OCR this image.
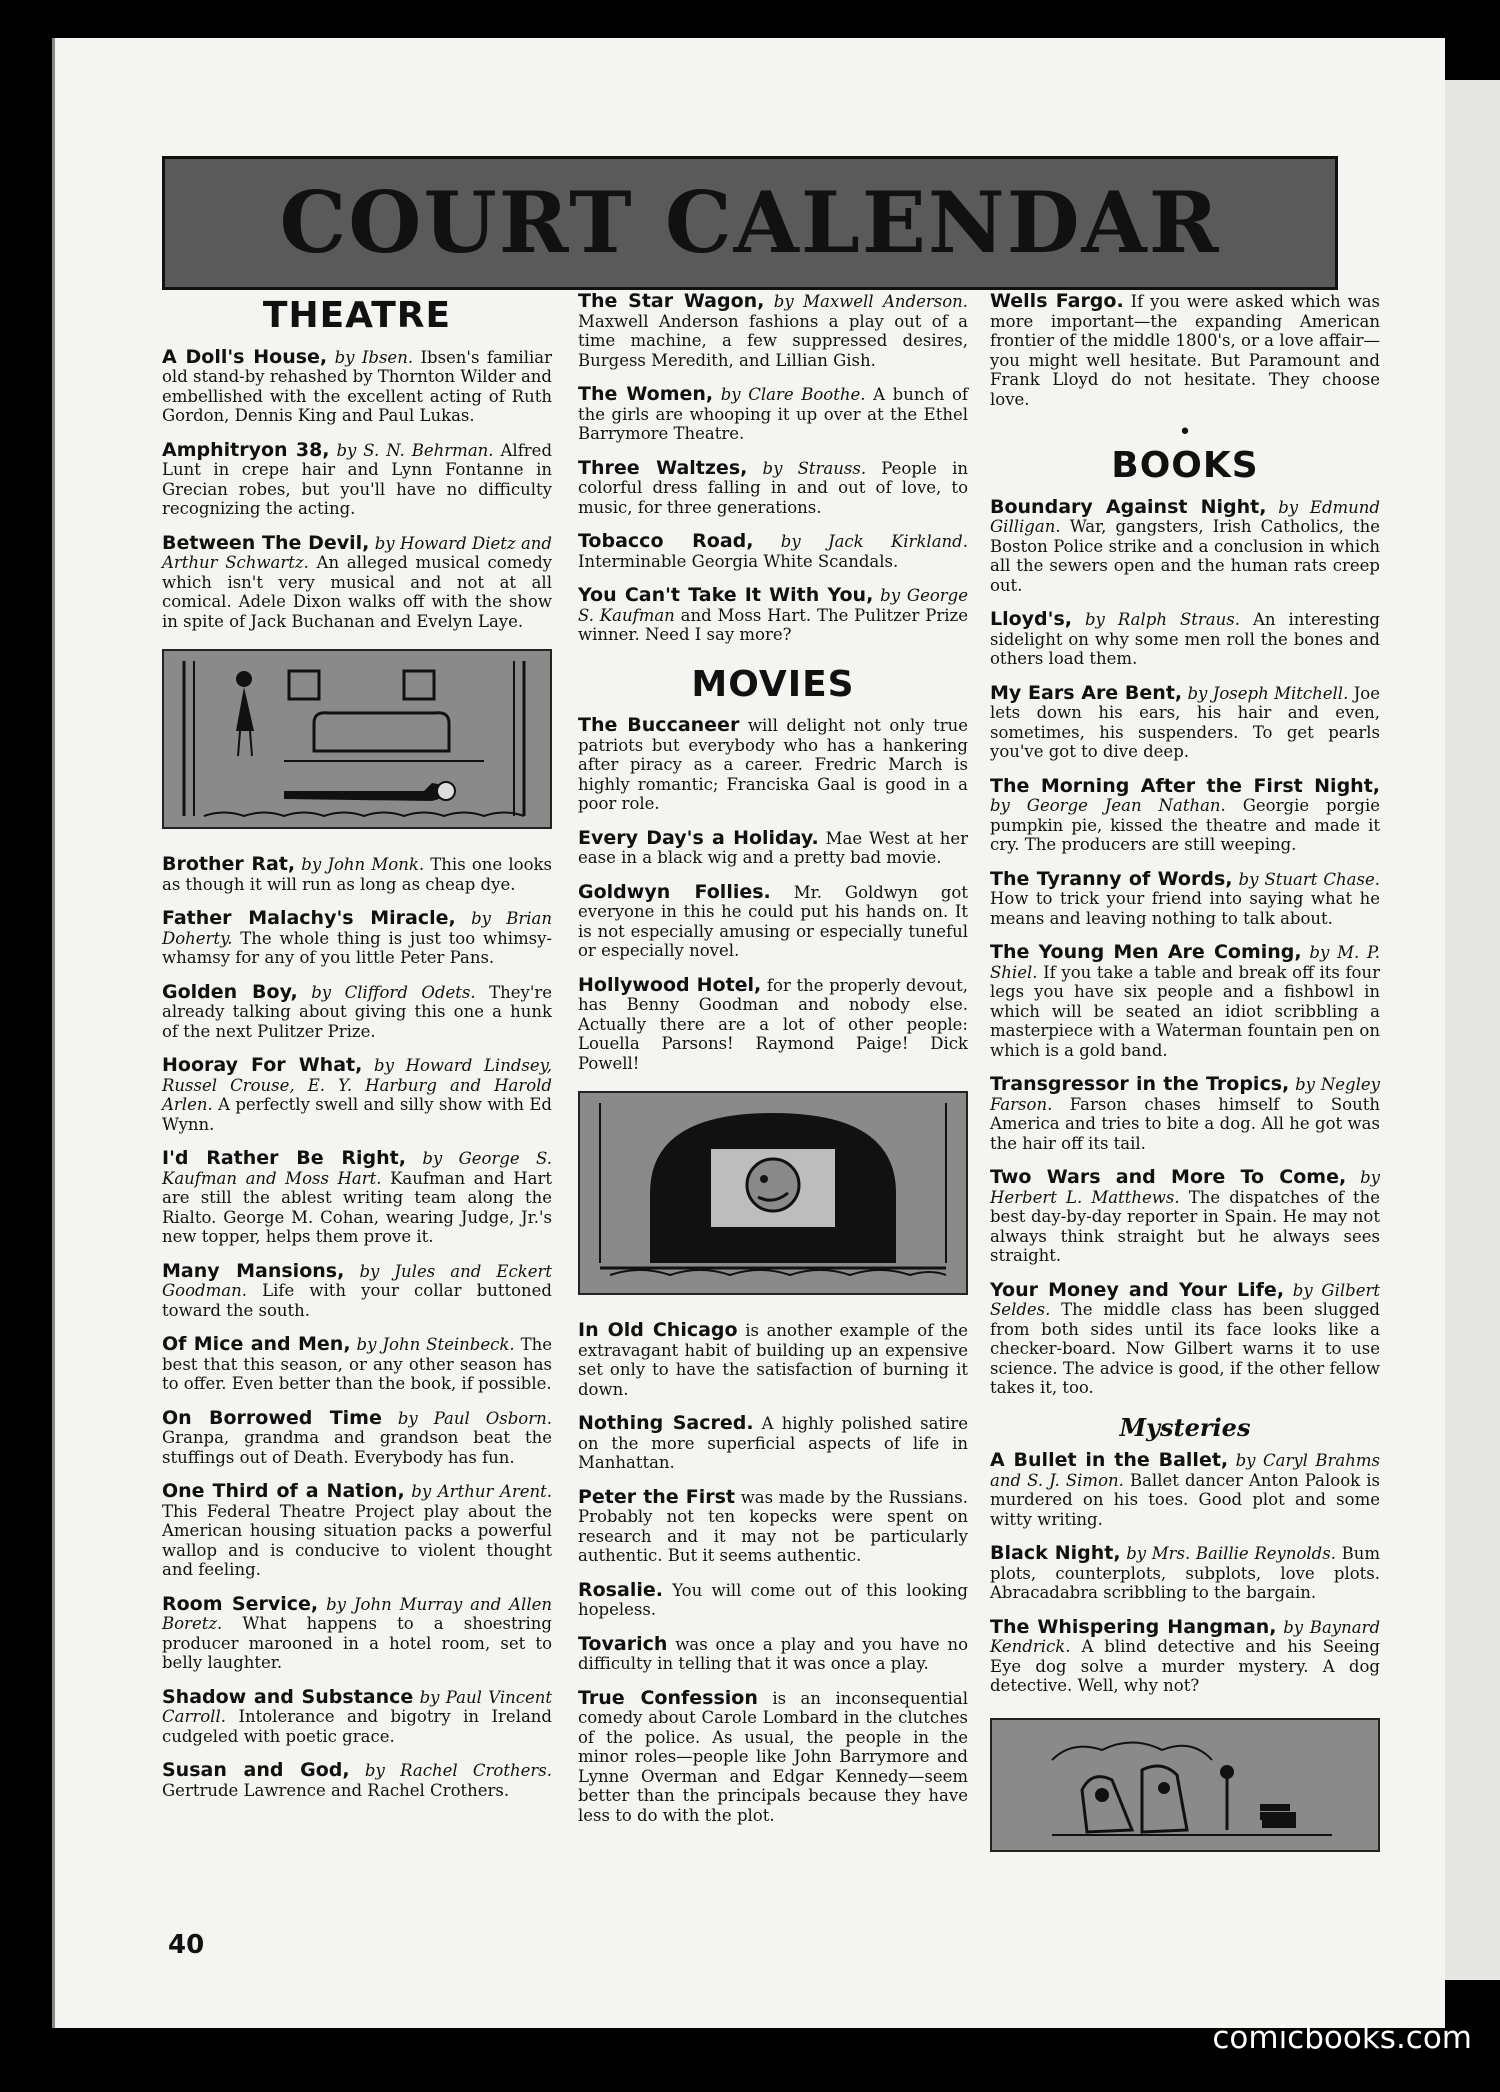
COURT CALENDAR
THEATRE

A Doll's House, by Ibsen. Ibsen's familiar old stand-by rehashed by Thornton Wilder and embellished with the excellent acting of Ruth Gordon, Dennis King and Paul Lukas.

Amphitryon 38, by S. N. Behrman. Alfred Lunt in crepe hair and Lynn Fontanne in Grecian robes, but you'll have no difficulty recognizing the acting.

Between The Devil, by Howard Dietz and Arthur Schwartz. An alleged musical comedy which isn't very musical and not at all comical. Adele Dixon walks off with the show in spite of Jack Buchanan and Evelyn Laye.

Brother Rat, by John Monk. This one looks as though it will run as long as cheap dye.

Father Malachy's Miracle, by Brian Doherty. The whole thing is just too whimsy-whamsy for any of you little Peter Pans.

Golden Boy, by Clifford Odets. They're already talking about giving this one a hunk of the next Pulitzer Prize.

Hooray For What, by Howard Lindsey, Russel Crouse, E. Y. Harburg and Harold Arlen. A perfectly swell and silly show with Ed Wynn.

I'd Rather Be Right, by George S. Kaufman and Moss Hart. Kaufman and Hart are still the ablest writing team along the Rialto. George M. Cohan, wearing Judge, Jr.'s new topper, helps them prove it.

Many Mansions, by Jules and Eckert Goodman. Life with your collar buttoned toward the south.

Of Mice and Men, by John Steinbeck. The best that this season, or any other season has to offer. Even better than the book, if possible.

On Borrowed Time by Paul Osborn. Granpa, grandma and grandson beat the stuffings out of Death. Everybody has fun.

One Third of a Nation, by Arthur Arent. This Federal Theatre Project play about the American housing situation packs a powerful wallop and is conducive to violent thought and feeling.

Room Service, by John Murray and Allen Boretz. What happens to a shoestring producer marooned in a hotel room, set to belly laughter.

Shadow and Substance by Paul Vincent Carroll. Intolerance and bigotry in Ireland cudgeled with poetic grace.

Susan and God, by Rachel Crothers. Gertrude Lawrence and Rachel Crothers.

The Star Wagon, by Maxwell Anderson. Maxwell Anderson fashions a play out of a time machine, a few suppressed desires, Burgess Meredith, and Lillian Gish.

The Women, by Clare Boothe. A bunch of the girls are whooping it up over at the Ethel Barrymore Theatre.

Three Waltzes, by Strauss. People in colorful dress falling in and out of love, to music, for three generations.

Tobacco Road, by Jack Kirkland. Interminable Georgia White Scandals.

You Can't Take It With You, by George S. Kaufman and Moss Hart. The Pulitzer Prize winner. Need I say more?

MOVIES

The Buccaneer will delight not only true patriots but everybody who has a hankering after piracy as a career. Fredric March is highly romantic; Franciska Gaal is good in a poor role.

Every Day's a Holiday. Mae West at her ease in a black wig and a pretty bad movie.

Goldwyn Follies. Mr. Goldwyn got everyone in this he could put his hands on. It is not especially amusing or especially tuneful or especially novel.

Hollywood Hotel, for the properly devout, has Benny Goodman and nobody else. Actually there are a lot of other people: Louella Parsons! Raymond Paige! Dick Powell!

In Old Chicago is another example of the extravagant habit of building up an expensive set only to have the satisfaction of burning it down.

Nothing Sacred. A highly polished satire on the more superficial aspects of life in Manhattan.

Peter the First was made by the Russians. Probably not ten kopecks were spent on research and it may not be particularly authentic. But it seems authentic.

Rosalie. You will come out of this looking hopeless.

Tovarich was once a play and you have no difficulty in telling that it was once a play.

True Confession is an inconsequential comedy about Carole Lombard in the clutches of the police. As usual, the people in the minor roles—people like John Barrymore and Lynne Overman and Edgar Kennedy—seem better than the principals because they have less to do with the plot.

Wells Fargo. If you were asked which was more important—the expanding American frontier of the middle 1800's, or a love affair—you might well hesitate. But Paramount and Frank Lloyd do not hesitate. They choose love.

•
BOOKS

Boundary Against Night, by Edmund Gilligan. War, gangsters, Irish Catholics, the Boston Police strike and a conclusion in which all the sewers open and the human rats creep out.

Lloyd's, by Ralph Straus. An interesting sidelight on why some men roll the bones and others load them.

My Ears Are Bent, by Joseph Mitchell. Joe lets down his ears, his hair and even, sometimes, his suspenders. To get pearls you've got to dive deep.

The Morning After the First Night, by George Jean Nathan. Georgie porgie pumpkin pie, kissed the theatre and made it cry. The producers are still weeping.

The Tyranny of Words, by Stuart Chase. How to trick your friend into saying what he means and leaving nothing to talk about.

The Young Men Are Coming, by M. P. Shiel. If you take a table and break off its four legs you have six people and a fishbowl in which will be seated an idiot scribbling a masterpiece with a Waterman fountain pen on which is a gold band.

Transgressor in the Tropics, by Negley Farson. Farson chases himself to South America and tries to bite a dog. All he got was the hair off its tail.

Two Wars and More To Come, by Herbert L. Matthews. The dispatches of the best day-by-day reporter in Spain. He may not always think straight but he always sees straight.

Your Money and Your Life, by Gilbert Seldes. The middle class has been slugged from both sides until its face looks like a checker-board. Now Gilbert warns it to use science. The advice is good, if the other fellow takes it, too.

Mysteries

A Bullet in the Ballet, by Caryl Brahms and S. J. Simon. Ballet dancer Anton Palook is murdered on his toes. Good plot and some witty writing.

Black Night, by Mrs. Baillie Reynolds. Bum plots, counterplots, subplots, love plots. Abracadabra scribbling to the bargain.

The Whispering Hangman, by Baynard Kendrick. A blind detective and his Seeing Eye dog solve a murder mystery. A dog detective. Well, why not?

40
comicbooks.com
